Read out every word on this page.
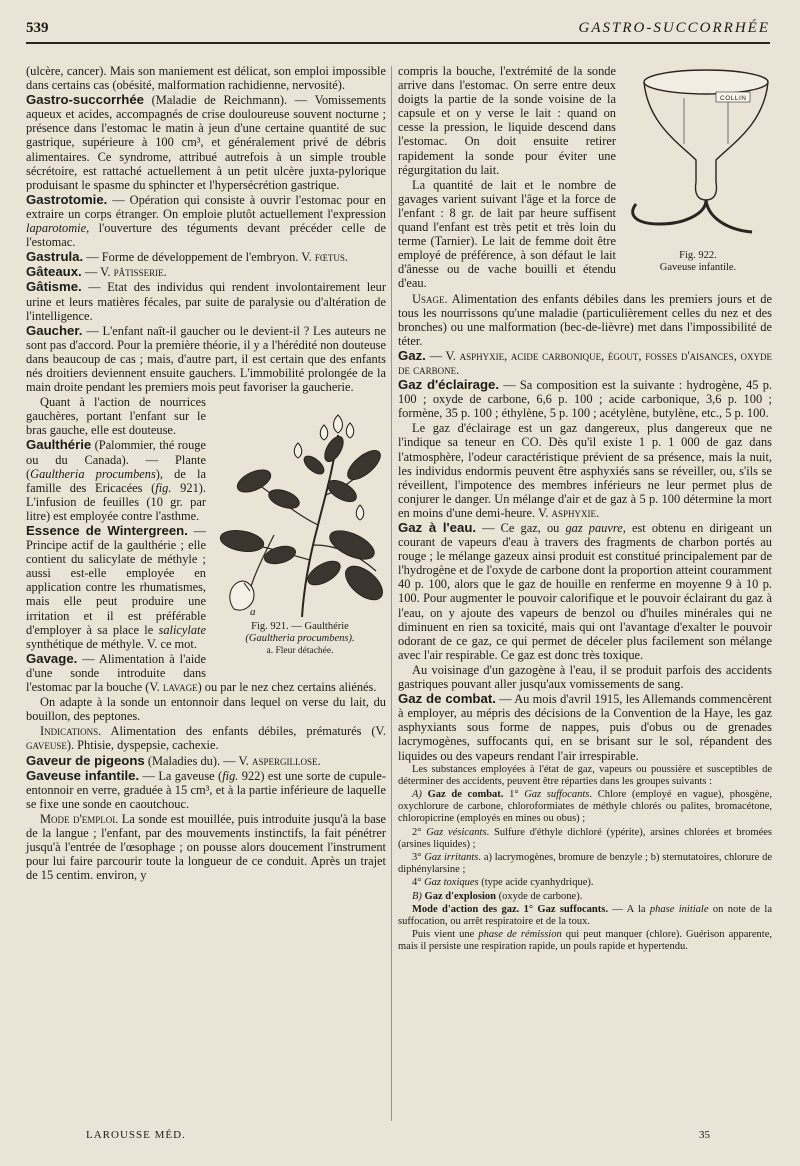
539	GASTRO-SUCCORRHÉE

(ulcère, cancer). Mais son maniement est délicat, son emploi impossible dans certains cas (obésité, malformation rachidienne, nervosité).

Gastro-succorrhée (Maladie de Reichmann). — Vomissements aqueux et acides, accompagnés de crise douloureuse souvent nocturne ; présence dans l'estomac le matin à jeun d'une certaine quantité de suc gastrique, supérieure à 100 cm³, et généralement privé de débris alimentaires. Ce syndrome, attribué autrefois à un simple trouble sécrétoire, est rattaché actuellement à un petit ulcère juxta-pylorique produisant le spasme du sphincter et l'hypersécrétion gastrique.

Gastrotomie. — Opération qui consiste à ouvrir l'estomac pour en extraire un corps étranger. On emploie plutôt actuellement l'expression laparotomie, l'ouverture des téguments devant précéder celle de l'estomac.

Gastrula. — Forme de développement de l'embryon. V. fœtus.

Gâteaux. — V. pâtisserie.

Gâtisme. — Etat des individus qui rendent involontairement leur urine et leurs matières fécales, par suite de paralysie ou d'altération de l'intelligence.

Gaucher. — L'enfant naît-il gaucher ou le devient-il ? Les auteurs ne sont pas d'accord. Pour la première théorie, il y a l'hérédité non douteuse dans beaucoup de cas ; mais, d'autre part, il est certain que des enfants nés droitiers deviennent ensuite gauchers. L'immobilité prolongée de la main droite pendant les premiers mois peut favoriser la gaucherie.

a
Fig. 921. — Gaulthérie
(Gaultheria procumbens).
a. Fleur détachée.

Quant à l'action de nourrices gauchères, portant l'enfant sur le bras gauche, elle est douteuse.

Gaulthérie (Palommier, thé rouge ou du Canada). — Plante (Gaultheria procumbens), de la famille des Ericacées (fig. 921). L'infusion de feuilles (10 gr. par litre) est employée contre l'asthme.

Essence de Wintergreen. — Principe actif de la gaulthérie ; elle contient du salicylate de méthyle ; aussi est-elle employée en application contre les rhumatismes, mais elle peut produire une irritation et il est préférable d'employer à sa place le salicylate synthétique de méthyle. V. ce mot.

Gavage. — Alimentation à l'aide d'une sonde introduite dans l'estomac par la bouche (V. lavage) ou par le nez chez certains aliénés.

On adapte à la sonde un entonnoir dans lequel on verse du lait, du bouillon, des peptones.

Indications. Alimentation des enfants débiles, prématurés (V. gaveuse). Phtisie, dyspepsie, cachexie.

Gaveur de pigeons (Maladies du). — V. aspergillose.

Gaveuse infantile. — La gaveuse (fig. 922) est une sorte de cupule-entonnoir en verre, graduée à 15 cm³, et à la partie inférieure de laquelle se fixe une sonde en caoutchouc.

Mode d'emploi. La sonde est mouillée, puis introduite jusqu'à la base de la langue ; l'enfant, par des mouvements instinctifs, la fait pénétrer jusqu'à l'entrée de l'œsophage ; on pousse alors doucement l'instrument pour lui faire parcourir toute la longueur de ce conduit. Après un trajet de 15 centim. environ, y

COLLIN
Fig. 922.
Gaveuse infantile.

compris la bouche, l'extrémité de la sonde arrive dans l'estomac. On serre entre deux doigts la partie de la sonde voisine de la capsule et on y verse le lait : quand on cesse la pression, le liquide descend dans l'estomac. On doit ensuite retirer rapidement la sonde pour éviter une régurgitation du lait.

La quantité de lait et le nombre de gavages varient suivant l'âge et la force de l'enfant : 8 gr. de lait par heure suffisent quand l'enfant est très petit et très loin du terme (Tarnier). Le lait de femme doit être employé de préférence, à son défaut le lait d'ânesse ou de vache bouilli et étendu d'eau.

Usage. Alimentation des enfants débiles dans les premiers jours et de tous les nourrissons qu'une maladie (particulièrement celles du nez et des bronches) ou une malformation (bec-de-lièvre) met dans l'impossibilité de téter.

Gaz. — V. asphyxie, acide carbonique, égout, fosses d'aisances, oxyde de carbone.

Gaz d'éclairage. — Sa composition est la suivante : hydrogène, 45 p. 100 ; oxyde de carbone, 6,6 p. 100 ; acide carbonique, 3,6 p. 100 ; formène, 35 p. 100 ; éthylène, 5 p. 100 ; acétylène, butylène, etc., 5 p. 100.

Le gaz d'éclairage est un gaz dangereux, plus dangereux que ne l'indique sa teneur en CO. Dès qu'il existe 1 p. 1 000 de gaz dans l'atmosphère, l'odeur caractéristique prévient de sa présence, mais la nuit, les individus endormis peuvent être asphyxiés sans se réveiller, ou, s'ils se réveillent, l'impotence des membres inférieurs ne leur permet plus de conjurer le danger. Un mélange d'air et de gaz à 5 p. 100 détermine la mort en moins d'une demi-heure. V. asphyxie.

Gaz à l'eau. — Ce gaz, ou gaz pauvre, est obtenu en dirigeant un courant de vapeurs d'eau à travers des fragments de charbon portés au rouge ; le mélange gazeux ainsi produit est constitué principalement par de l'hydrogène et de l'oxyde de carbone dont la proportion atteint couramment 40 p. 100, alors que le gaz de houille en renferme en moyenne 9 à 10 p. 100. Pour augmenter le pouvoir calorifique et le pouvoir éclairant du gaz à l'eau, on y ajoute des vapeurs de benzol ou d'huiles minérales qui ne diminuent en rien sa toxicité, mais qui ont l'avantage d'exalter le pouvoir odorant de ce gaz, ce qui permet de déceler plus facilement son mélange avec l'air respirable. Ce gaz est donc très toxique.

Au voisinage d'un gazogène à l'eau, il se produit parfois des accidents gastriques pouvant aller jusqu'aux vomissements de sang.

Gaz de combat. — Au mois d'avril 1915, les Allemands commencèrent à employer, au mépris des décisions de la Convention de la Haye, les gaz asphyxiants sous forme de nappes, puis d'obus ou de grenades lacrymogènes, suffocants qui, en se brisant sur le sol, répandent des liquides ou des vapeurs rendant l'air irrespirable.

Les substances employées à l'état de gaz, vapeurs ou poussière et susceptibles de déterminer des accidents, peuvent être réparties dans les groupes suivants :

A) Gaz de combat. 1° Gaz suffocants. Chlore (employé en vague), phosgène, oxychlorure de carbone, chloroformiates de méthyle chlorés ou palites, bromacétone, chloropicrine (employés en mines ou obus) ;

2° Gaz vésicants. Sulfure d'éthyle dichloré (ypérite), arsines chlorées et bromées (arsines liquides) ;

3° Gaz irritants. a) lacrymogènes, bromure de benzyle ; b) sternutatoires, chlorure de diphénylarsine ;

4° Gaz toxiques (type acide cyanhydrique).

B) Gaz d'explosion (oxyde de carbone).

Mode d'action des gaz. 1° Gaz suffocants. — A la phase initiale on note de la suffocation, ou arrêt respiratoire et de la toux.

Puis vient une phase de rémission qui peut manquer (chlore). Guérison apparente, mais il persiste une respiration rapide, un pouls rapide et hypertendu.

LAROUSSE MÉD.	35
